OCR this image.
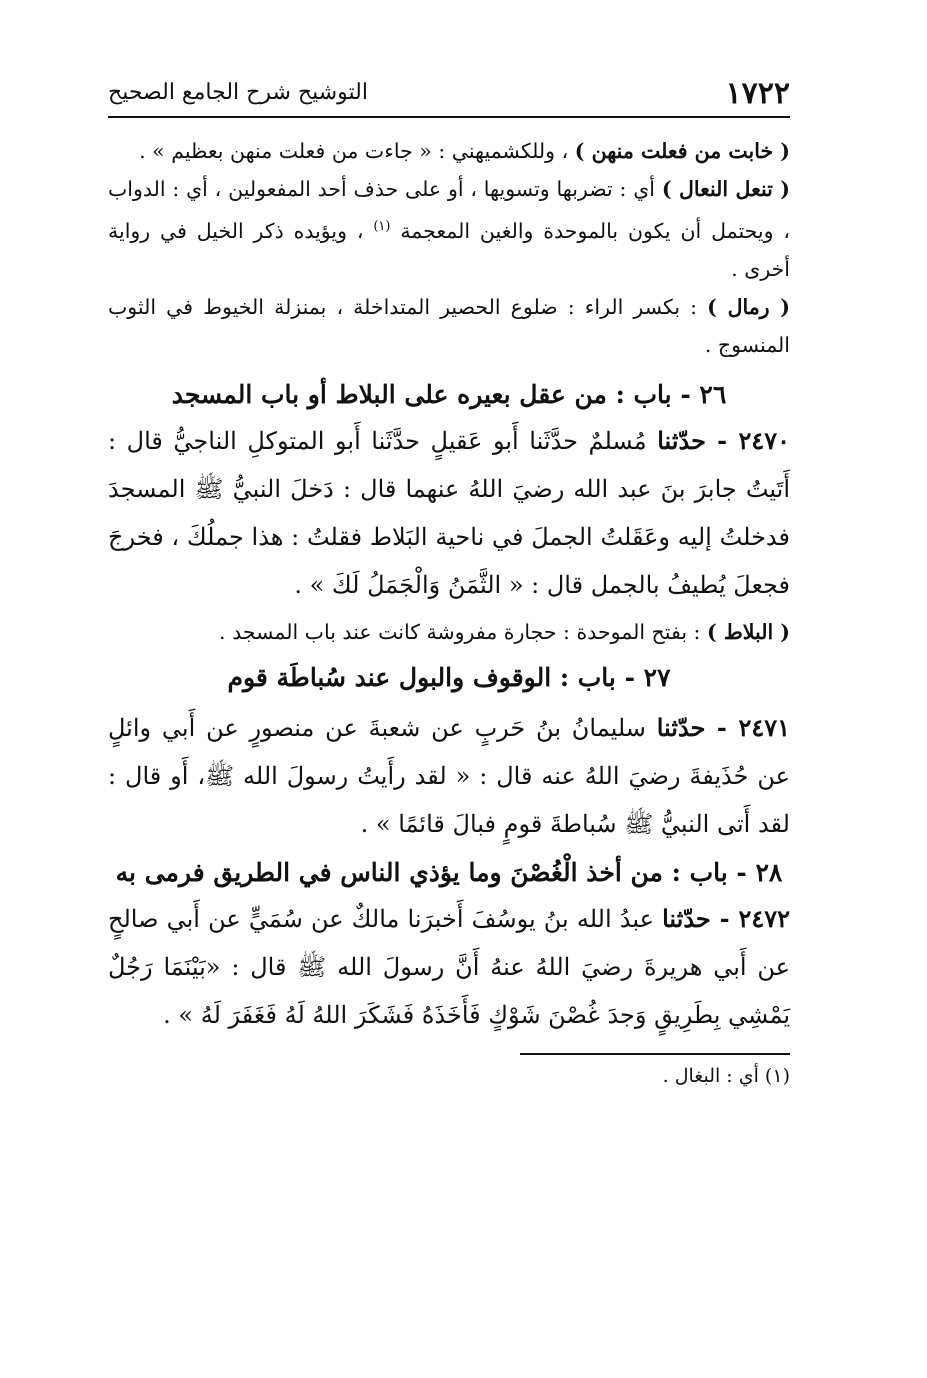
١٧٢٢
التوشيح شرح الجامع الصحيح

( خابت من فعلت منهن ) ، وللكشميهني : « جاءت من فعلت منهن بعظيم » .

( تنعل النعال ) أي : تضربها وتسويها ، أو على حذف أحد المفعولين ، أي : الدواب ، ويحتمل أن يكون بالموحدة والغين المعجمة $^{(١)}$ ، ويؤيده ذكر الخيل في رواية أخرى .

( رمال ) : بكسر الراء : ضلوع الحصير المتداخلة ، بمنزلة الخيوط في الثوب المنسوج .

٢٦ - باب : من عقل بعيره على البلاط أو باب المسجد

٢٤٧٠ - حدّثنا مُسلمٌ حدَّثَنا أَبو عَقيلٍ حدَّثَنا أَبو المتوكلِ الناجيُّ قال : أَتَيتُ جابرَ بنَ عبد الله رضيَ اللهُ عنهما قال : دَخلَ النبيُّ ﷺ المسجدَ فدخلتُ إليه وعَقَلتُ الجملَ في ناحية البَلاط فقلتُ : هذا جملُكَ ، فخرجَ فجعلَ يُطيفُ بالجمل قال : « الثَّمَنُ وَالْجَمَلُ لَكَ » .

( البلاط ) : بفتح الموحدة : حجارة مفروشة كانت عند باب المسجد .

٢٧ - باب : الوقوف والبول عند سُباطَة قوم

٢٤٧١ - حدّثنا سليمانُ بنُ حَربٍ عن شعبةَ عن منصورٍ عن أَبي وائلٍ عن حُذَيفةَ رضيَ اللهُ عنه قال : « لقد رأَيتُ رسولَ الله ﷺ، أَو قال : لقد أَتى النبيُّ ﷺ سُباطةَ قومٍ فبالَ قائمًا » .

٢٨ - باب : من أخذ الْغُصْنَ وما يؤذي الناس في الطريق فرمى به

٢٤٧٢ - حدّثنا عبدُ الله بنُ يوسُفَ أَخبرَنا مالكٌ عن سُمَيٍّ عن أَبي صالحٍ عن أَبي هريرةَ رضيَ اللهُ عنهُ أَنَّ رسولَ الله ﷺ قال : «بَيْنَمَا رَجُلٌ يَمْشِي بِطَرِيقٍ وَجدَ غُصْنَ شَوْكٍ فَأَخَذَهُ فَشَكَرَ اللهُ لَهُ فَغَفَرَ لَهُ » .

(١) أي : البغال .
